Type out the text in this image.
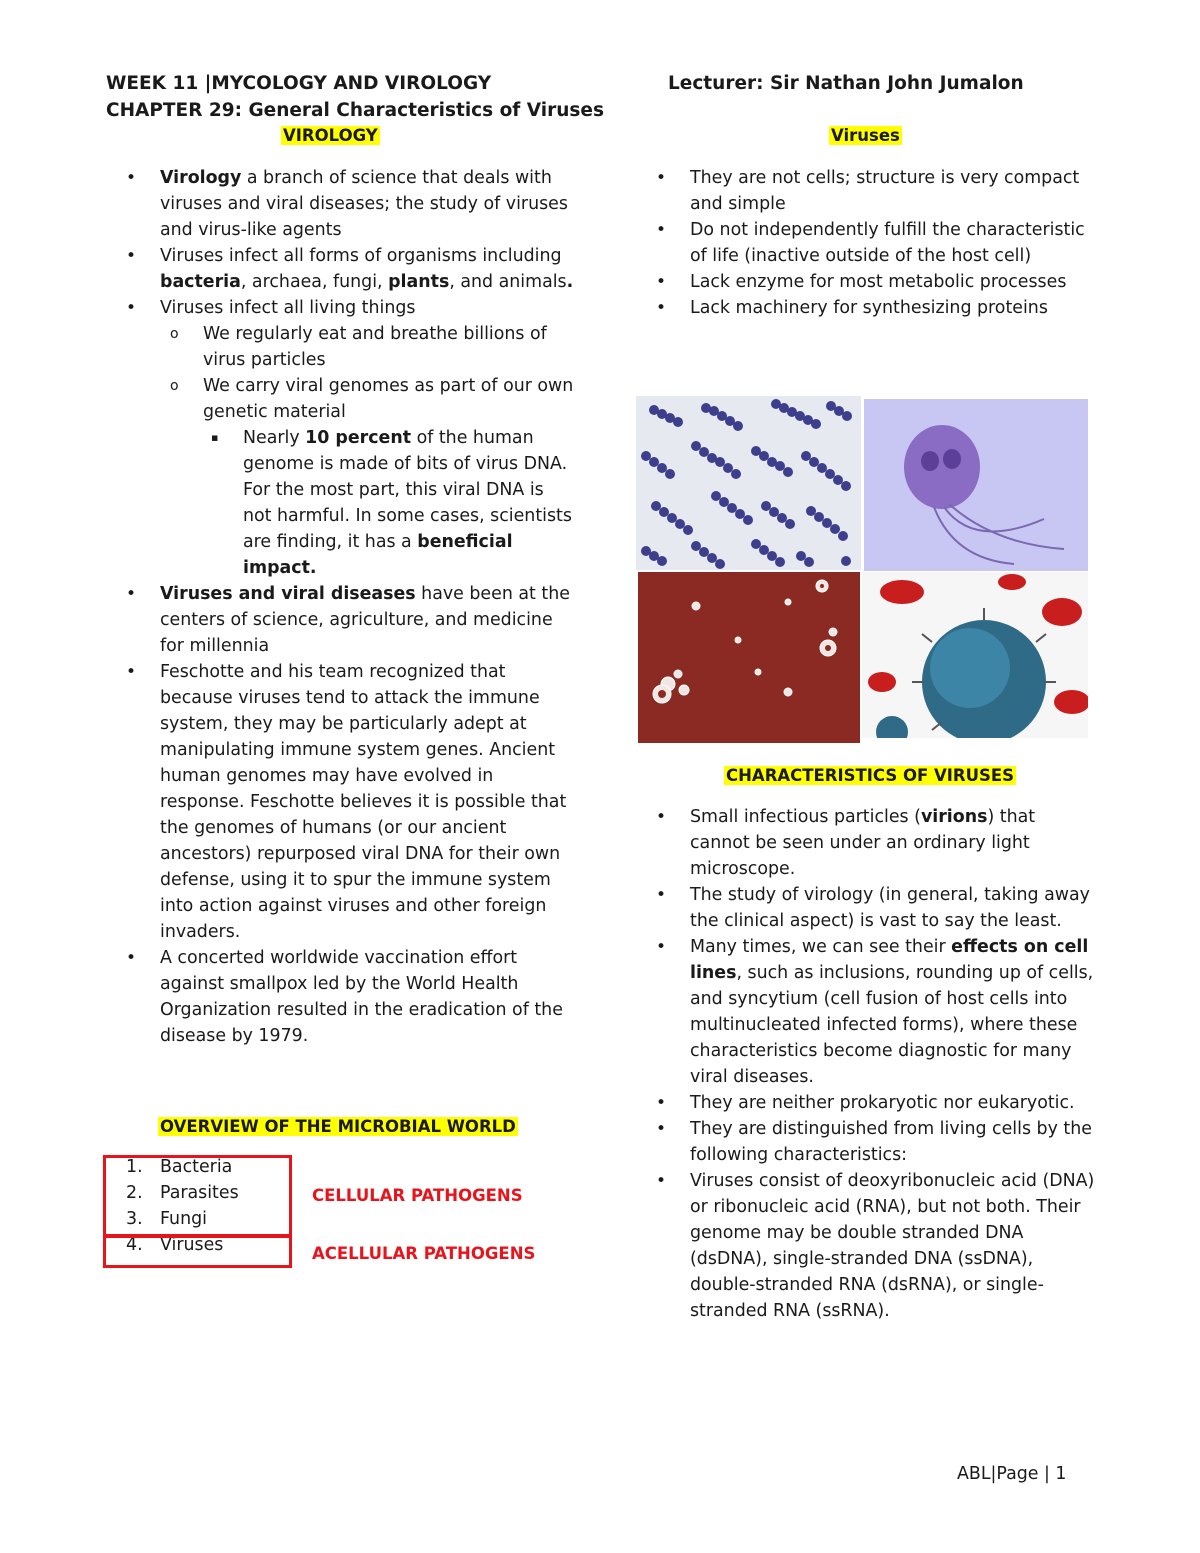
WEEK 11 |MYCOLOGY AND VIROLOGY
CHAPTER 29: General Characteristics of Viruses
Lecturer: Sir Nathan John Jumalon
VIROLOGY
• Virology a branch of science that deals with viruses and viral diseases; the study of viruses and virus-like agents
• Viruses infect all forms of organisms including bacteria, archaea, fungi, plants, and animals.
• Viruses infect all living things
o We regularly eat and breathe billions of virus particles
o We carry viral genomes as part of our own genetic material
▪ Nearly 10 percent of the human genome is made of bits of virus DNA. For the most part, this viral DNA is not harmful. In some cases, scientists are finding, it has a beneficial impact.
• Viruses and viral diseases have been at the centers of science, agriculture, and medicine for millennia
• Feschotte and his team recognized that because viruses tend to attack the immune system, they may be particularly adept at manipulating immune system genes. Ancient human genomes may have evolved in response. Feschotte believes it is possible that the genomes of humans (or our ancient ancestors) repurposed viral DNA for their own defense, using it to spur the immune system into action against viruses and other foreign invaders.
• A concerted worldwide vaccination effort against smallpox led by the World Health Organization resulted in the eradication of the disease by 1979.
OVERVIEW OF THE MICROBIAL WORLD
1. Bacteria
2. Parasites
3. Fungi
4. Viruses
CELLULAR PATHOGENS
ACELLULAR PATHOGENS
Viruses
• They are not cells; structure is very compact and simple
• Do not independently fulfill the characteristic of life (inactive outside of the host cell)
• Lack enzyme for most metabolic processes
• Lack machinery for synthesizing proteins
CHARACTERISTICS OF VIRUSES
• Small infectious particles (virions) that cannot be seen under an ordinary light microscope.
• The study of virology (in general, taking away the clinical aspect) is vast to say the least.
• Many times, we can see their effects on cell lines, such as inclusions, rounding up of cells, and syncytium (cell fusion of host cells into multinucleated infected forms), where these characteristics become diagnostic for many viral diseases.
• They are neither prokaryotic nor eukaryotic.
• They are distinguished from living cells by the following characteristics:
• Viruses consist of deoxyribonucleic acid (DNA) or ribonucleic acid (RNA), but not both. Their genome may be double stranded DNA (dsDNA), single-stranded DNA (ssDNA), double-stranded RNA (dsRNA), or single-stranded RNA (ssRNA).
ABL|Page | 1
